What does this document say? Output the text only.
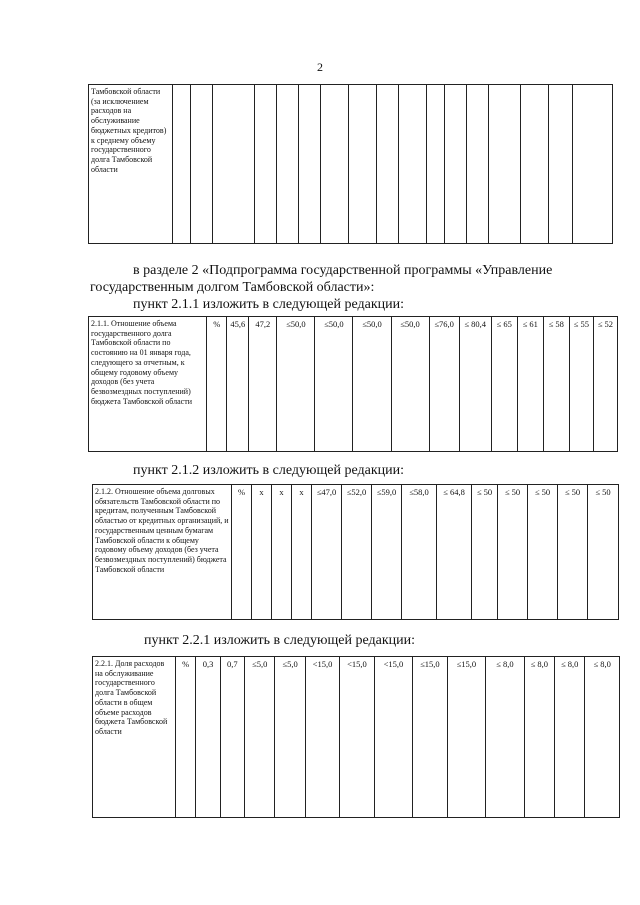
2
Тамбовской области (за исключением расходов на обслуживание бюджетных кредитов) к среднему объему государственного долга Тамбовской области																	
в разделе 2 «Подпрограмма государственной программы «Управление
государственным долгом Тамбовской области»:
пункт 2.1.1 изложить в следующей редакции:
2.1.1. Отношение объема государственного долга Тамбовской области по состоянию на 01 января года, следующего за отчетным, к общему годовому объему доходов (без учета безвозмездных поступлений) бюджета Тамбовской области	%	45,6	47,2	≤50,0	≤50,0	≤50,0	≤50,0	≤76,0	≤ 80,4	≤ 65	≤ 61	≤ 58	≤ 55	≤ 52
пункт 2.1.2 изложить в следующей редакции:
2.1.2. Отношение объема долговых обязательств Тамбовской области по кредитам, полученным Тамбовской областью от кредитных организаций, и государственным ценным бумагам Тамбовской области к общему годовому объему доходов (без учета безвозмездных поступлений) бюджета Тамбовской области	%	x	x	x	≤47,0	≤52,0	≤59,0	≤58,0	≤ 64,8	≤ 50	≤ 50	≤ 50	≤ 50	≤ 50
пункт 2.2.1 изложить в следующей редакции:
2.2.1. Доля расходов на обслуживание государственного долга Тамбовской области в общем объеме расходов бюджета Тамбовской области	%	0,3	0,7	≤5,0	≤5,0	<15,0	<15,0	<15,0	≤15,0	≤15,0	≤ 8,0	≤ 8,0	≤ 8,0	≤ 8,0
